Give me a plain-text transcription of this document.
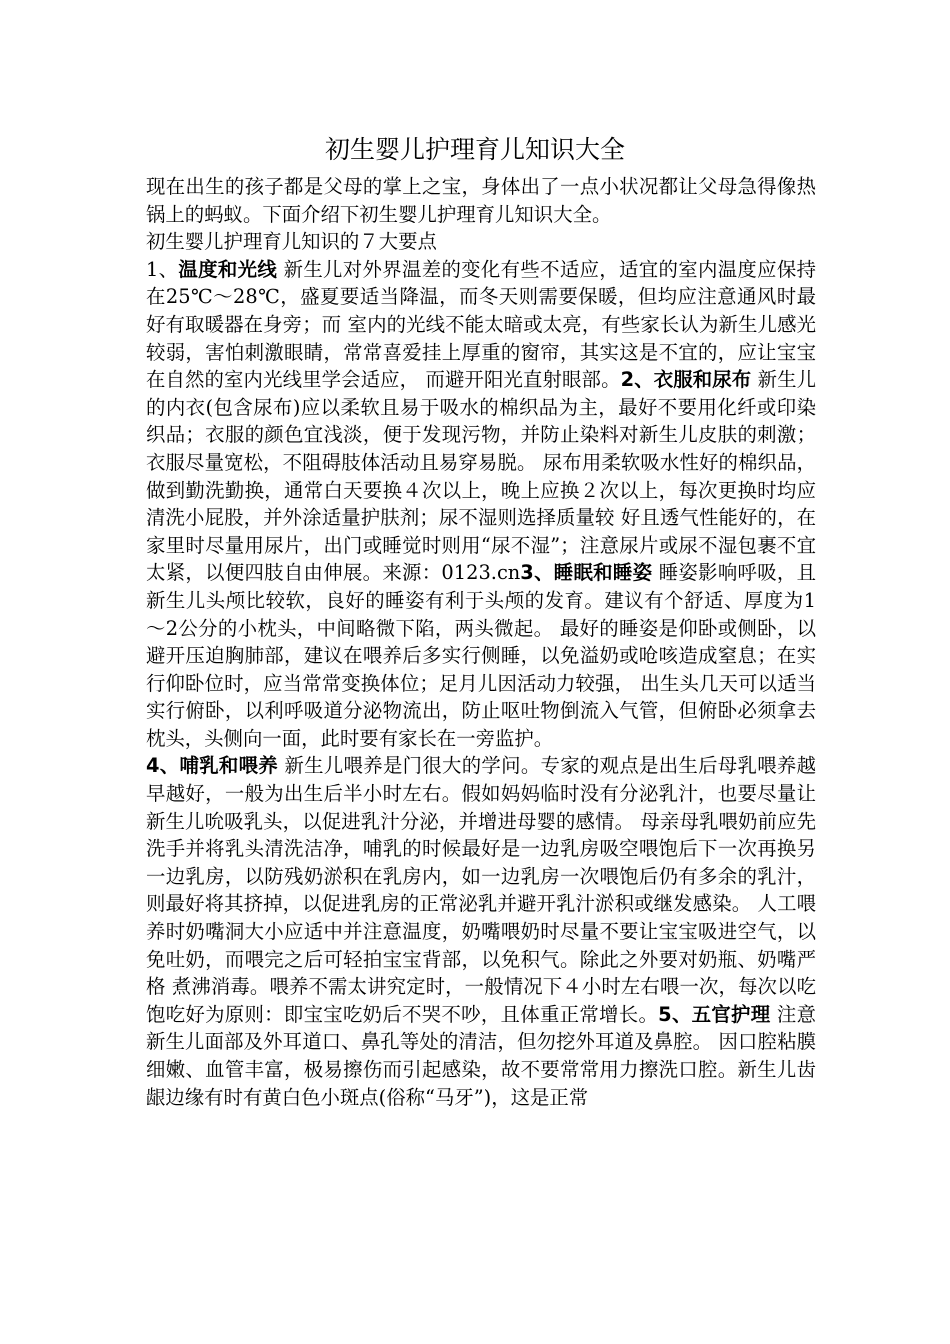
初生婴儿护理育儿知识大全

现在出生的孩子都是父母的掌上之宝，身体出了一点小状况都让父母急得像热锅上的蚂蚁。下面介绍下初生婴儿护理育儿知识大全。

初生婴儿护理育儿知识的７大要点

1、温度和光线 新生儿对外界温差的变化有些不适应，适宜的室内温度应保持在25℃～28℃，盛夏要适当降温，而冬天则需要保暖，但均应注意通风时最好有取暖器在身旁；而 室内的光线不能太暗或太亮，有些家长认为新生儿感光较弱，害怕刺激眼睛，常常喜爱挂上厚重的窗帘，其实这是不宜的，应让宝宝在自然的室内光线里学会适应， 而避开阳光直射眼部。2、衣服和尿布 新生儿的内衣(包含尿布)应以柔软且易于吸水的棉织品为主，最好不要用化纤或印染织品；衣服的颜色宜浅淡，便于发现污物，并防止染料对新生儿皮肤的刺激；衣服尽量宽松，不阻碍肢体活动且易穿易脱。 尿布用柔软吸水性好的棉织品，做到勤洗勤换，通常白天要换４次以上，晚上应换２次以上，每次更换时均应清洗小屁股，并外涂适量护肤剂；尿不湿则选择质量较 好且透气性能好的，在家里时尽量用尿片，出门或睡觉时则用“尿不湿”；注意尿片或尿不湿包裹不宜太紧，以便四肢自由伸展。来源：0123.cn3、睡眠和睡姿 睡姿影响呼吸，且新生儿头颅比较软，良好的睡姿有利于头颅的发育。建议有个舒适、厚度为1～2公分的小枕头，中间略微下陷，两头微起。 最好的睡姿是仰卧或侧卧，以避开压迫胸肺部，建议在喂养后多实行侧睡，以免溢奶或呛咳造成窒息；在实行仰卧位时，应当常常变换体位；足月儿因活动力较强， 出生头几天可以适当实行俯卧，以利呼吸道分泌物流出，防止呕吐物倒流入气管，但俯卧必须拿去枕头，头侧向一面，此时要有家长在一旁监护。
4、哺乳和喂养 新生儿喂养是门很大的学问。专家的观点是出生后母乳喂养越早越好，一般为出生后半小时左右。假如妈妈临时没有分泌乳汁，也要尽量让新生儿吮吸乳头，以促进乳汁分泌，并增进母婴的感情。 母亲母乳喂奶前应先洗手并将乳头清洗洁净，哺乳的时候最好是一边乳房吸空喂饱后下一次再换另一边乳房，以防残奶淤积在乳房内，如一边乳房一次喂饱后仍有多余的乳汁，则最好将其挤掉，以促进乳房的正常泌乳并避开乳汁淤积或继发感染。 人工喂养时奶嘴洞大小应适中并注意温度，奶嘴喂奶时尽量不要让宝宝吸进空气，以免吐奶，而喂完之后可轻拍宝宝背部，以免积气。除此之外要对奶瓶、奶嘴严格 煮沸消毒。喂养不需太讲究定时，一般情况下４小时左右喂一次，每次以吃饱吃好为原则：即宝宝吃奶后不哭不吵，且体重正常增长。5、五官护理 注意新生儿面部及外耳道口、鼻孔等处的清洁，但勿挖外耳道及鼻腔。 因口腔粘膜细嫩、血管丰富，极易擦伤而引起感染，故不要常常用力擦洗口腔。新生儿齿龈边缘有时有黄白色小斑点(俗称“马牙”)，这是正常
